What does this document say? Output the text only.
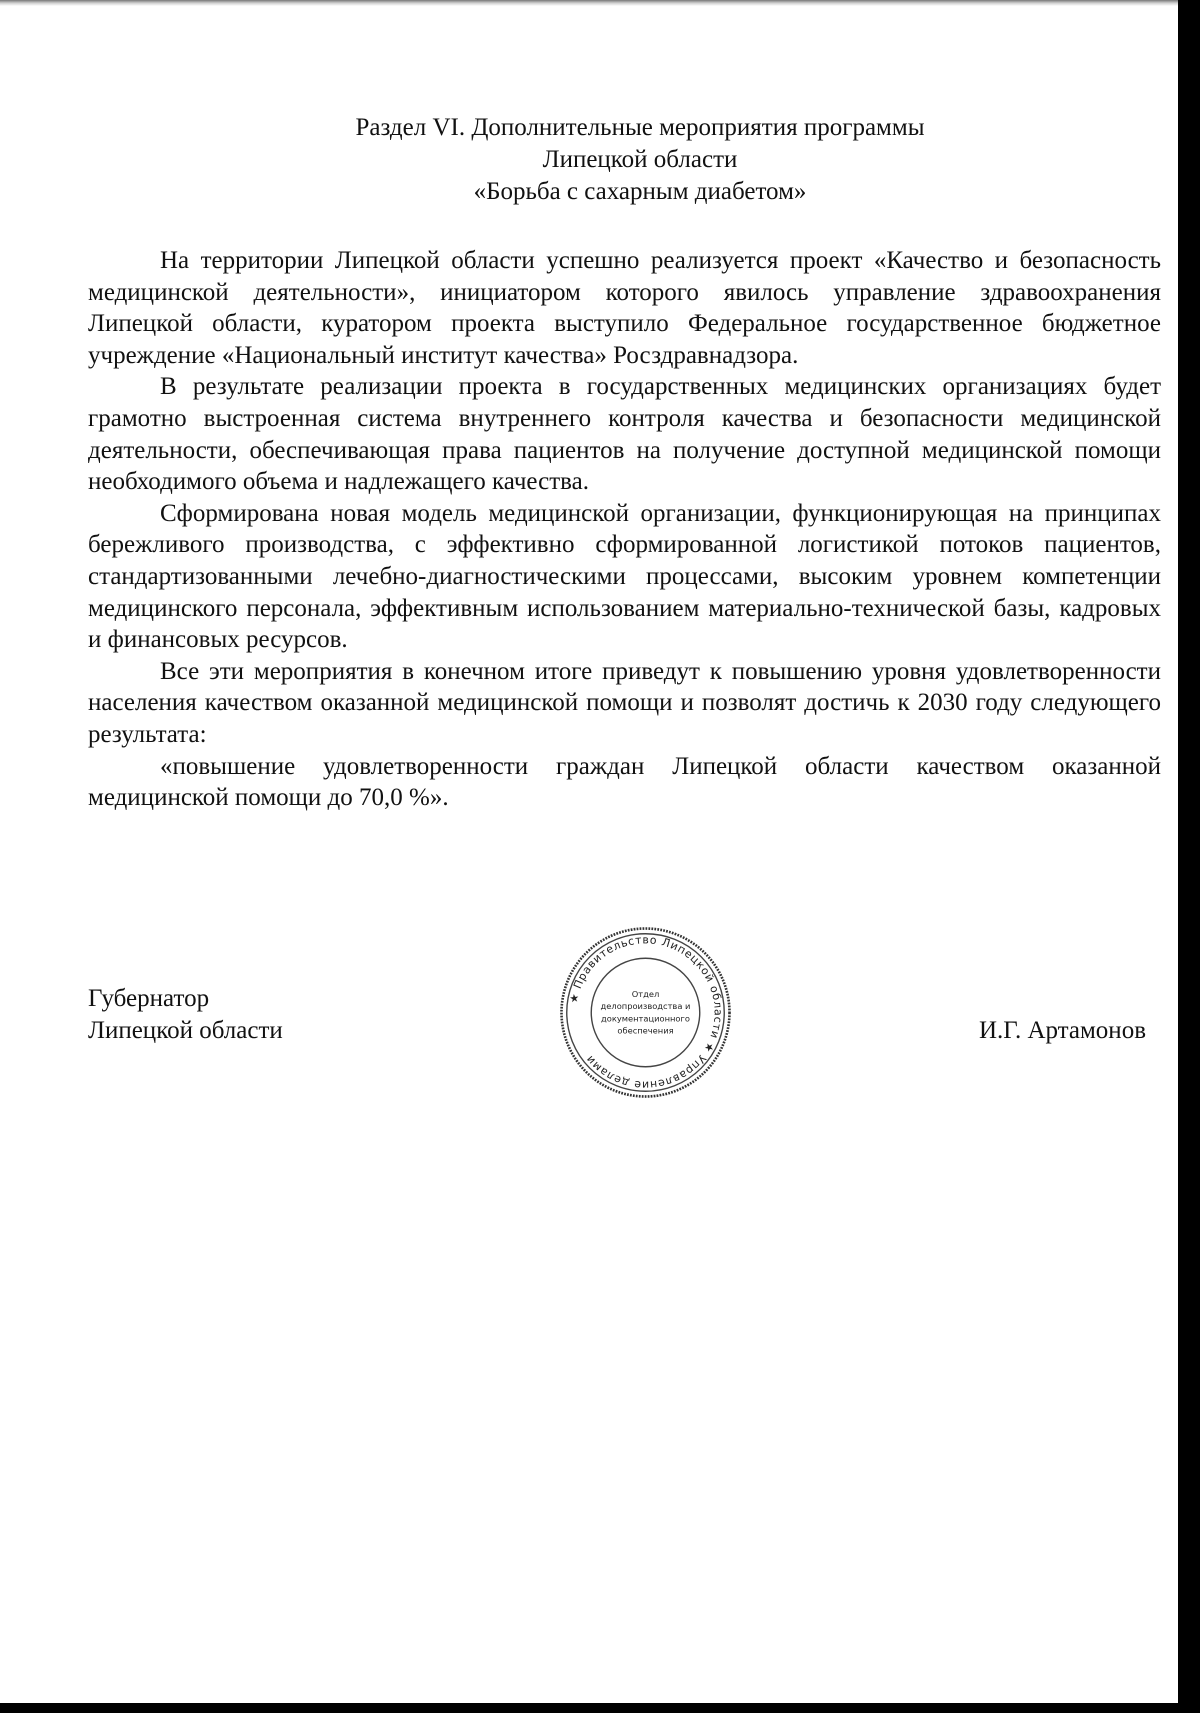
Раздел VI. Дополнительные мероприятия программы
Липецкой области
«Борьба с сахарным диабетом»

На территории Липецкой области успешно реализуется проект «Качество и безопасность медицинской деятельности», инициатором которого явилось управление здравоохранения Липецкой области, куратором проекта выступило Федеральное государственное бюджетное учреждение «Национальный институт качества» Росздравнадзора.

В результате реализации проекта в государственных медицинских организациях будет грамотно выстроенная система внутреннего контроля качества и безопасности медицинской деятельности, обеспечивающая права пациентов на получение доступной медицинской помощи необходимого объема и надлежащего качества.

Сформирована новая модель медицинской организации, функционирующая на принципах бережливого производства, с эффективно сформированной логистикой потоков пациентов, стандартизованными лечебно-диагностическими процессами, высоким уровнем компетенции медицинского персонала, эффективным использованием материально-технической базы, кадровых и финансовых ресурсов.

Все эти мероприятия в конечном итоге приведут к повышению уровня удовлетворенности населения качеством оказанной медицинской помощи и позволят достичь к 2030 году следующего результата:

«повышение удовлетворенности граждан Липецкой области качеством оказанной медицинской помощи до 70,0 %».

Губернатор
Липецкой области	И.Г. Артамонов
★ Правительство Липецкой области ★ Управление делами
Отдел
делопроизводства и
документационного
обеспечения
